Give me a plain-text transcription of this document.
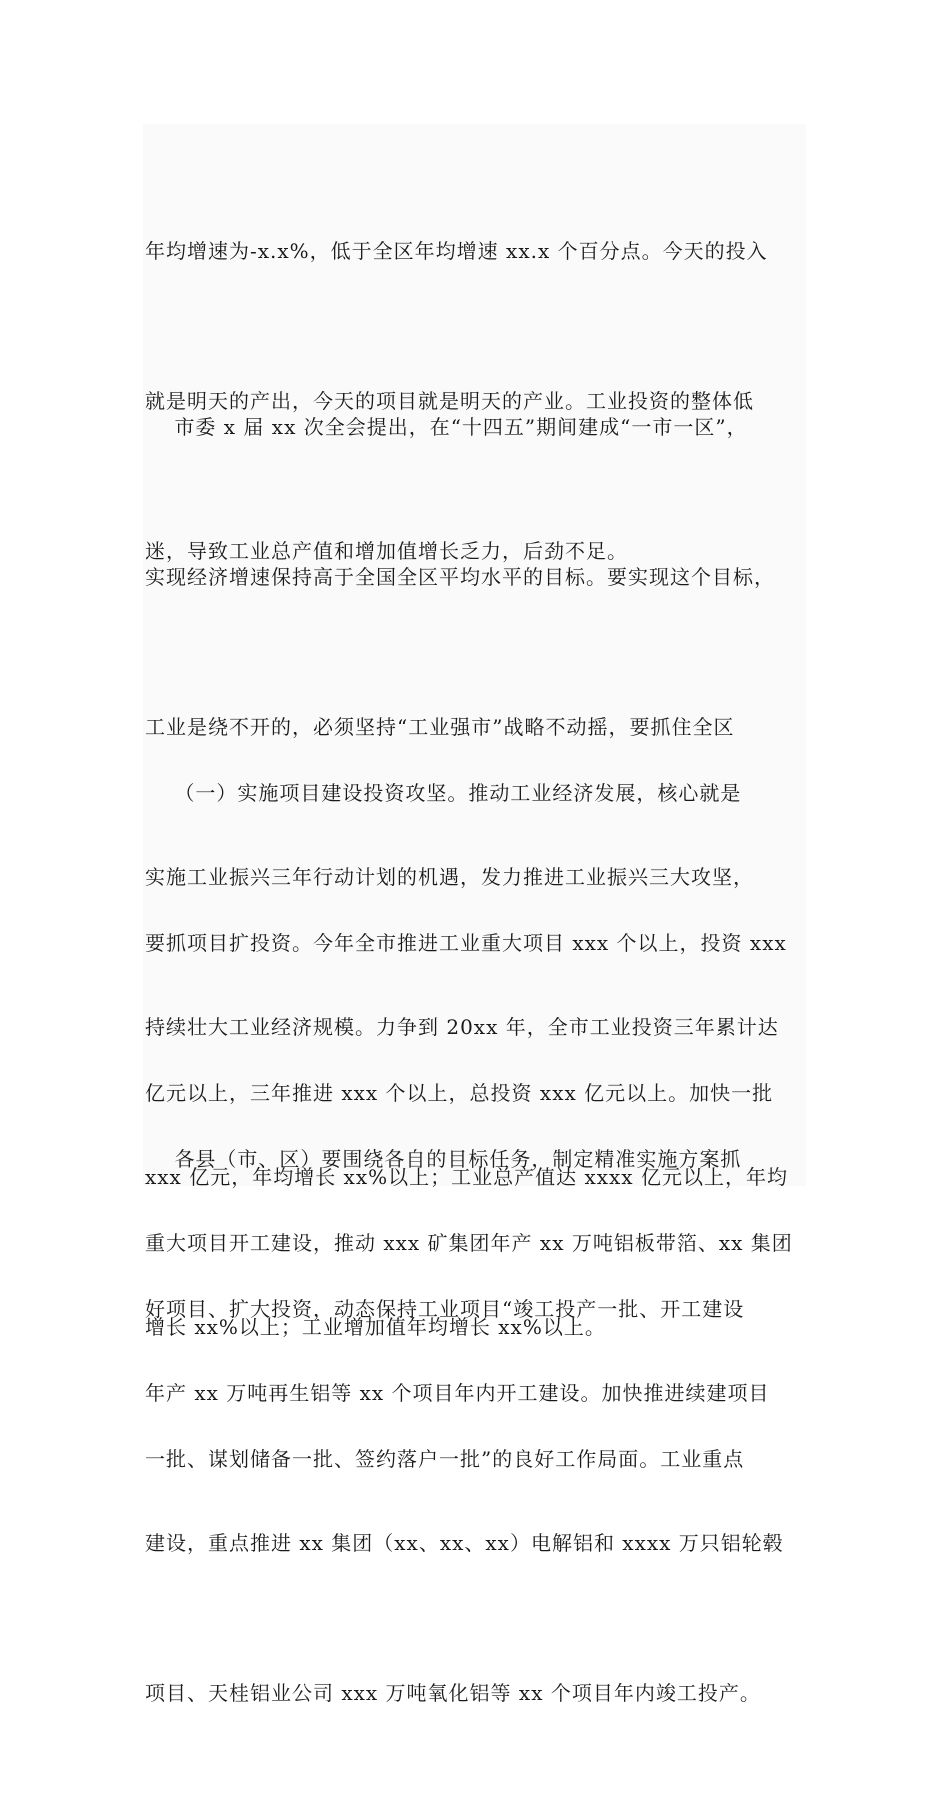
年均增速为-x.x%，低于全区年均增速 xx.x 个百分点。今天的投入

就是明天的产出，今天的项目就是明天的产业。工业投资的整体低

迷，导致工业总产值和增加值增长乏力，后劲不足。

市委 x 届 xx 次全会提出，在“十四五”期间建成“一市一区”，

实现经济增速保持高于全国全区平均水平的目标。要实现这个目标，

工业是绕不开的，必须坚持“工业强市”战略不动摇，要抓住全区

实施工业振兴三年行动计划的机遇，发力推进工业振兴三大攻坚，

持续壮大工业经济规模。力争到 20xx 年，全市工业投资三年累计达

xxx 亿元，年均增长 xx%以上；工业总产值达 xxxx 亿元以上，年均

增长 xx%以上；工业增加值年均增长 xx%以上。

（一）实施项目建设投资攻坚。推动工业经济发展，核心就是

要抓项目扩投资。今年全市推进工业重大项目 xxx 个以上，投资 xxx

亿元以上，三年推进 xxx 个以上，总投资 xxx 亿元以上。加快一批

重大项目开工建设，推动 xxx 矿集团年产 xx 万吨铝板带箔、xx 集团

年产 xx 万吨再生铝等 xx 个项目年内开工建设。加快推进续建项目

建设，重点推进 xx 集团（xx、xx、xx）电解铝和 xxxx 万只铝轮毂

项目、天桂铝业公司 xxx 万吨氧化铝等 xx 个项目年内竣工投产。

各县（市、区）要围绕各自的目标任务，制定精准实施方案抓

好项目、扩大投资，动态保持工业项目“竣工投产一批、开工建设

一批、谋划储备一批、签约落户一批”的良好工作局面。工业重点
